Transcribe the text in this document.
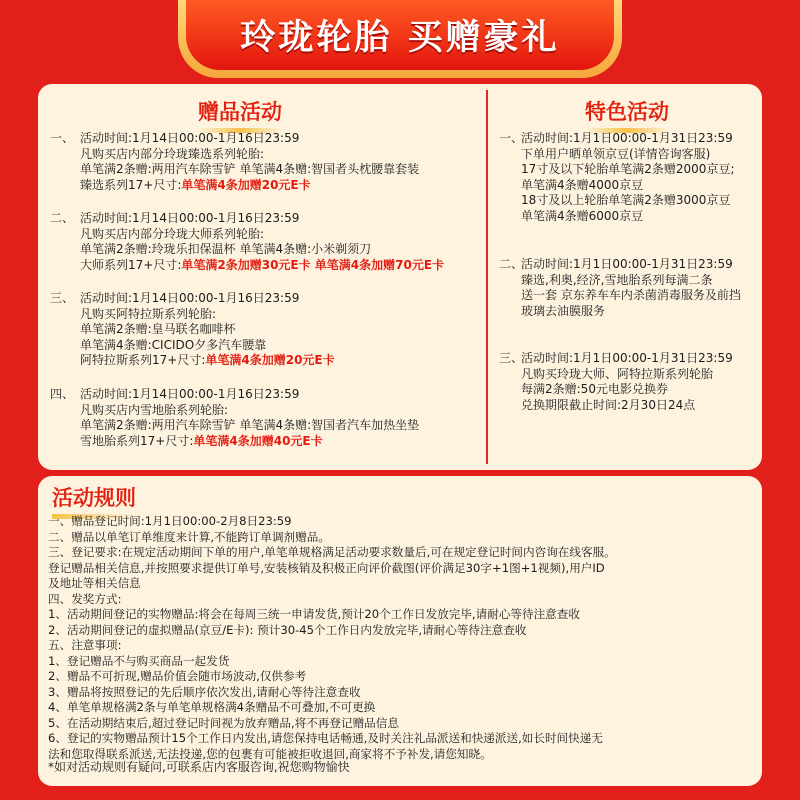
玲珑轮胎 买赠豪礼
赠品活动
一、 活动时间:1月14日00:00-1月16日23:59
凡购买店内部分玲珑臻选系列轮胎:
单笔满2条赠:两用汽车除雪铲 单笔满4条赠:智国者头枕腰靠套装
臻选系列17+尺寸:单笔满4条加赠20元E卡
二、 活动时间:1月14日00:00-1月16日23:59
凡购买店内部分玲珑大师系列轮胎:
单笔满2条赠:玲珑乐扣保温杯 单笔满4条赠:小米剃须刀
大师系列17+尺寸:单笔满2条加赠30元E卡 单笔满4条加赠70元E卡
三、 活动时间:1月14日00:00-1月16日23:59
凡购买阿特拉斯系列轮胎:
单笔满2条赠:皇马联名咖啡杯
单笔满4条赠:CICIDO夕多汽车腰靠
阿特拉斯系列17+尺寸:单笔满4条加赠20元E卡
四、 活动时间:1月14日00:00-1月16日23:59
凡购买店内雪地胎系列轮胎:
单笔满2条赠:两用汽车除雪铲 单笔满4条赠:智国者汽车加热坐垫
雪地胎系列17+尺寸:单笔满4条加赠40元E卡
特色活动
一、
活动时间:1月1日00:00-1月31日23:59
下单用户晒单领京豆(详情咨询客服)
17寸及以下轮胎单笔满2条赠2000京豆;
单笔满4条赠4000京豆
18寸及以上轮胎单笔满2条赠3000京豆
单笔满4条赠6000京豆
二、
活动时间:1月1日00:00-1月31日23:59
臻选,利奥,经济,雪地胎系列每满二条
送一套 京东养车车内杀菌消毒服务及前挡
玻璃去油膜服务
三、
活动时间:1月1日00:00-1月31日23:59
凡购买玲珑大师、阿特拉斯系列轮胎
每满2条赠:50元电影兑换券
兑换期限截止时间:2月30日24点
活动规则
一、赠品登记时间:1月1日00:00-2月8日23:59
二、赠品以单笔订单维度来计算,不能跨订单调剂赠品。
三、登记要求:在规定活动期间下单的用户,单笔单规格满足活动要求数量后,可在规定登记时间内咨询在线客服。
登记赠品相关信息,并按照要求提供订单号,安装核销及积极正向评价截图(评价满足30字+1图+1视频),用户ID
及地址等相关信息
四、发奖方式:
1、活动期间登记的实物赠品:将会在每周三统一申请发货,预计20个工作日发放完毕,请耐心等待注意查收
2、活动期间登记的虚拟赠品(京豆/E卡): 预计30-45个工作日内发放完毕,请耐心等待注意查收
五、注意事项:
1、登记赠品不与购买商品一起发货
2、赠品不可折现,赠品价值会随市场波动,仅供参考
3、赠品将按照登记的先后顺序依次发出,请耐心等待注意查收
4、单笔单规格满2条与单笔单规格满4条赠品不可叠加,不可更换
5、在活动期结束后,超过登记时间视为放弃赠品,将不再登记赠品信息
6、登记的实物赠品预计15个工作日内发出,请您保持电话畅通,及时关注礼品派送和快递派送,如长时间快递无
法和您取得联系派送,无法投递,您的包裹有可能被拒收退回,商家将不予补发,请您知晓。
*如对活动规则有疑问,可联系店内客服咨询,祝您购物愉快
